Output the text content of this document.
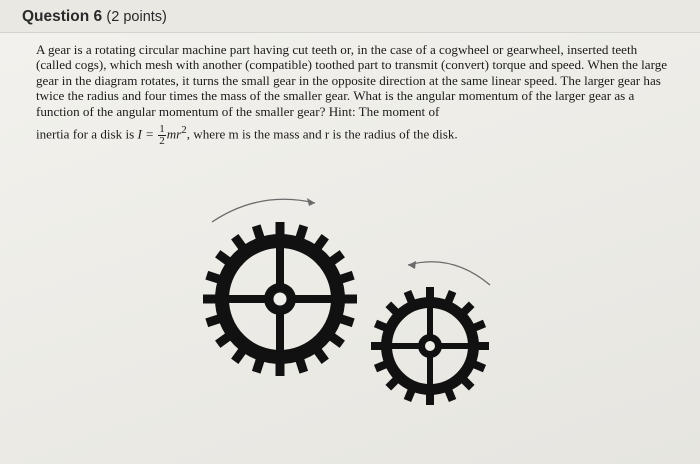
Question 6 (2 points)

A gear is a rotating circular machine part having cut teeth or, in the case of a cogwheel or gearwheel, inserted teeth (called cogs), which mesh with another (compatible) toothed part to transmit (convert) torque and speed. When the large gear in the diagram rotates, it turns the small gear in the opposite direction at the same linear speed. The larger gear has twice the radius and four times the mass of the smaller gear. What is the angular momentum of the larger gear as a function of the angular momentum of the smaller gear? Hint: The moment of

inertia for a disk is $I = \frac{1}{2} mr^2$, where m is the mass and r is the radius of the disk.
